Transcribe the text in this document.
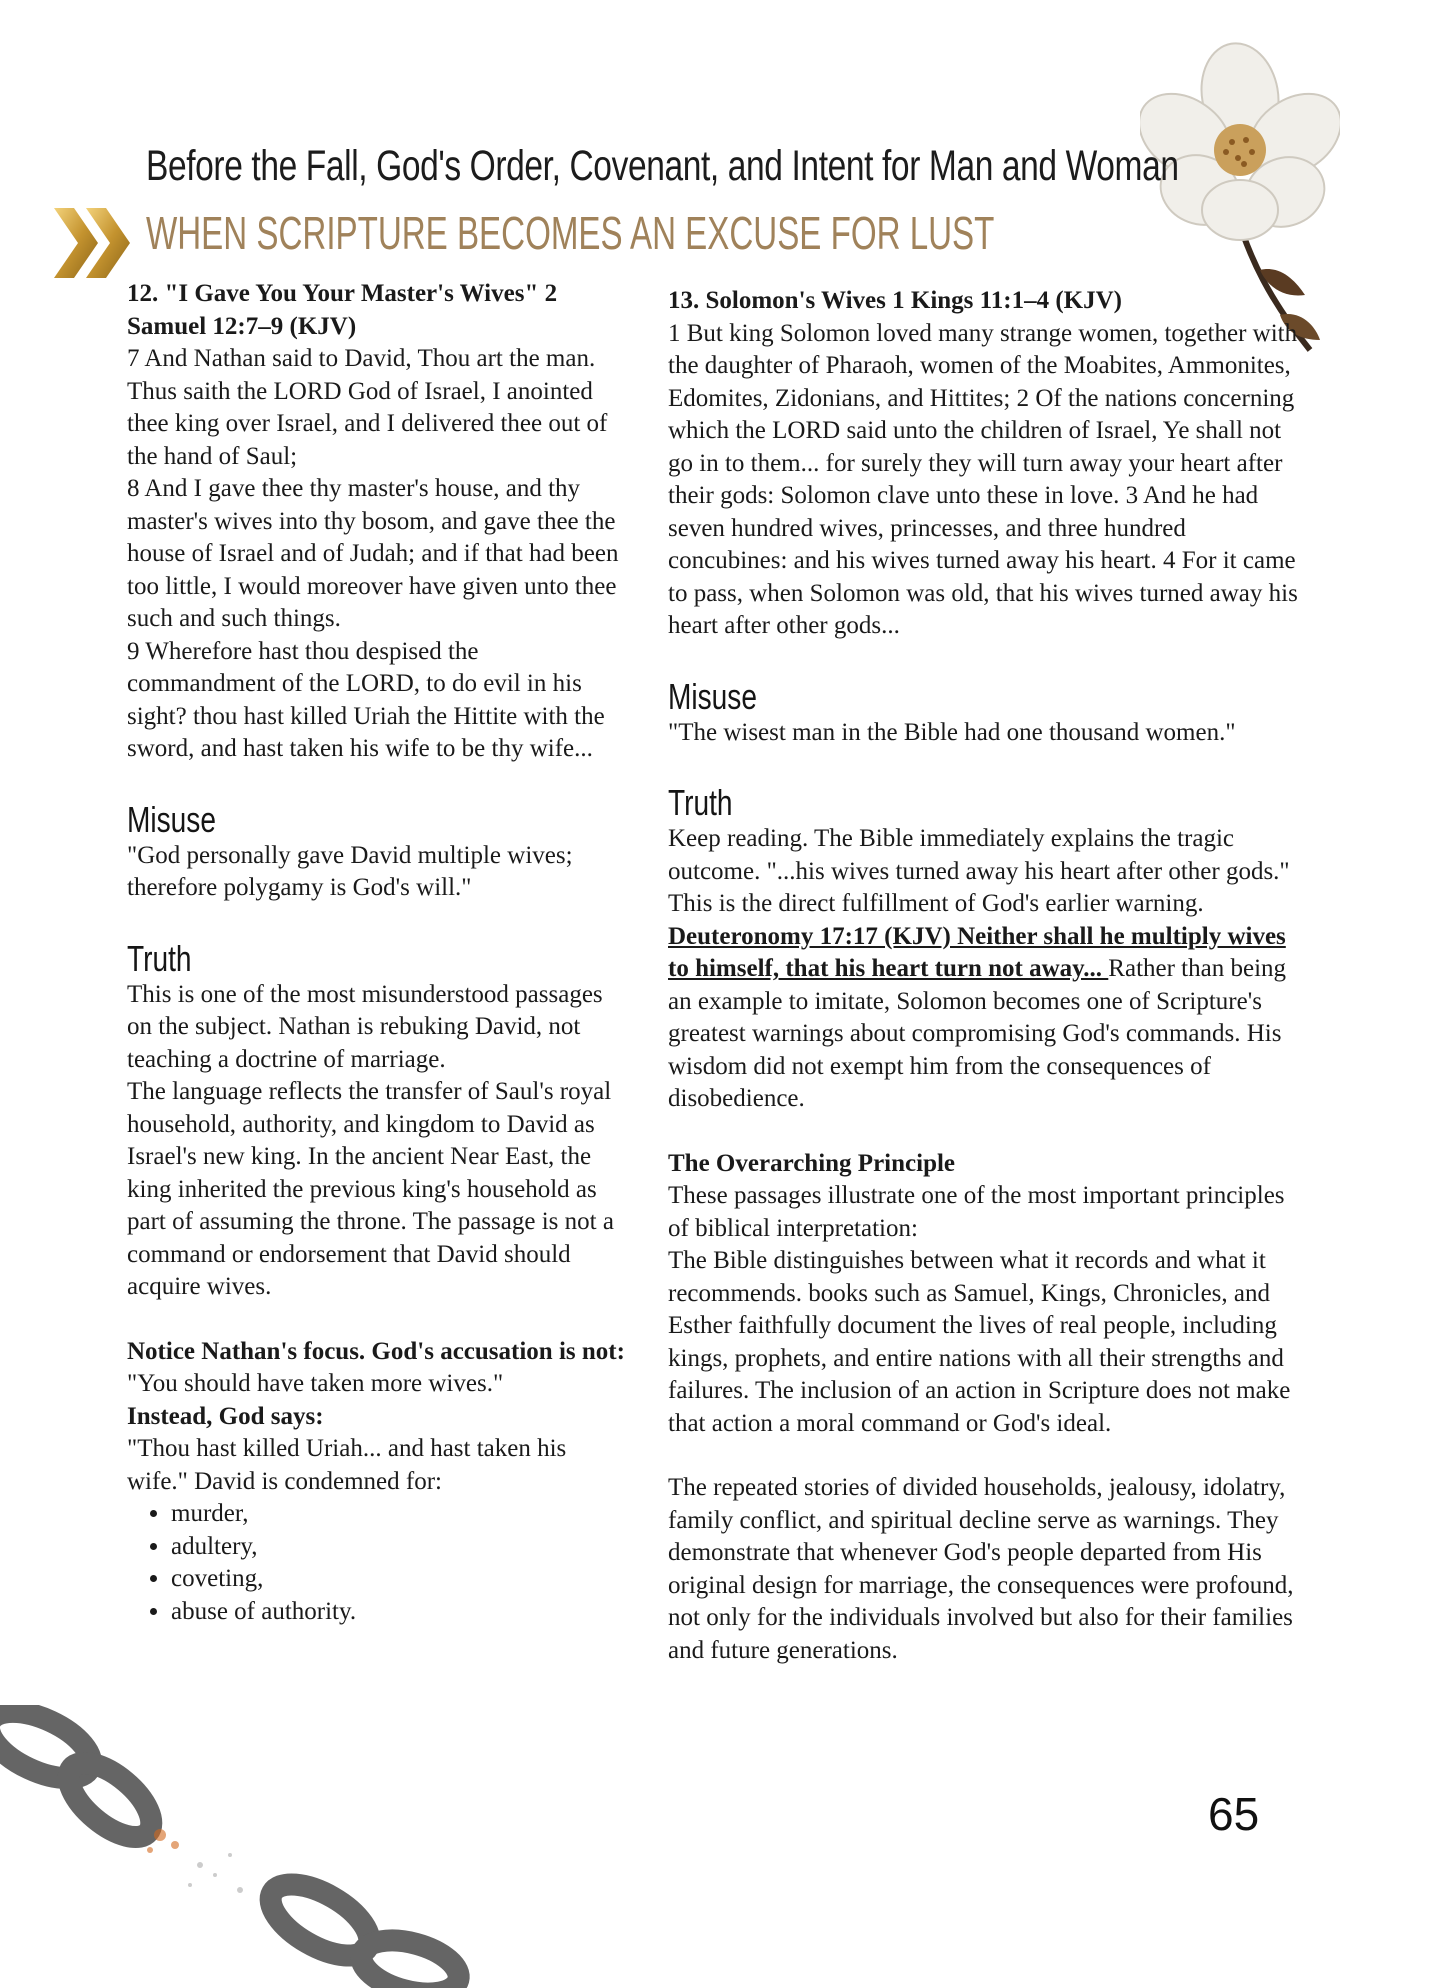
Before the Fall, God's Order, Covenant, and Intent for Man and Woman
WHEN SCRIPTURE BECOMES AN EXCUSE FOR LUST

12. "I Gave You Your Master's Wives" 2
Samuel 12:7–9 (KJV)

7 And Nathan said to David, Thou art the man. Thus saith the LORD God of Israel, I anointed thee king over Israel, and I delivered thee out of the hand of Saul;

8 And I gave thee thy master's house, and thy master's wives into thy bosom, and gave thee the house of Israel and of Judah; and if that had been too little, I would moreover have given unto thee such and such things.

9 Wherefore hast thou despised the commandment of the LORD, to do evil in his sight? thou hast killed Uriah the Hittite with the sword, and hast taken his wife to be thy wife...

Misuse

"God personally gave David multiple wives; therefore polygamy is God's will."

Truth

This is one of the most misunderstood passages on the subject. Nathan is rebuking David, not teaching a doctrine of marriage.

The language reflects the transfer of Saul's royal household, authority, and kingdom to David as Israel's new king. In the ancient Near East, the king inherited the previous king's household as part of assuming the throne. The passage is not a command or endorsement that David should acquire wives.

Notice Nathan's focus. God's accusation is not: "You should have taken more wives."

Instead, God says:

"Thou hast killed Uriah... and hast taken his wife." David is condemned for:

• murder,
• adultery,
• coveting,
• abuse of authority.

13. Solomon's Wives 1 Kings 11:1–4 (KJV)

1 But king Solomon loved many strange women, together with the daughter of Pharaoh, women of the Moabites, Ammonites, Edomites, Zidonians, and Hittites; 2 Of the nations concerning which the LORD said unto the children of Israel, Ye shall not go in to them... for surely they will turn away your heart after their gods: Solomon clave unto these in love. 3 And he had seven hundred wives, princesses, and three hundred concubines: and his wives turned away his heart. 4 For it came to pass, when Solomon was old, that his wives turned away his heart after other gods...

Misuse

"The wisest man in the Bible had one thousand women."

Truth

Keep reading. The Bible immediately explains the tragic outcome. "...his wives turned away his heart after other gods." This is the direct fulfillment of God's earlier warning. Deuteronomy 17:17 (KJV) Neither shall he multiply wives to himself, that his heart turn not away... Rather than being an example to imitate, Solomon becomes one of Scripture's greatest warnings about compromising God's commands. His wisdom did not exempt him from the consequences of disobedience.

The Overarching Principle

These passages illustrate one of the most important principles of biblical interpretation:

The Bible distinguishes between what it records and what it recommends. books such as Samuel, Kings, Chronicles, and Esther faithfully document the lives of real people, including kings, prophets, and entire nations with all their strengths and failures. The inclusion of an action in Scripture does not make that action a moral command or God's ideal.

The repeated stories of divided households, jealousy, idolatry, family conflict, and spiritual decline serve as warnings. They demonstrate that whenever God's people departed from His original design for marriage, the consequences were profound, not only for the individuals involved but also for their families and future generations.

65
